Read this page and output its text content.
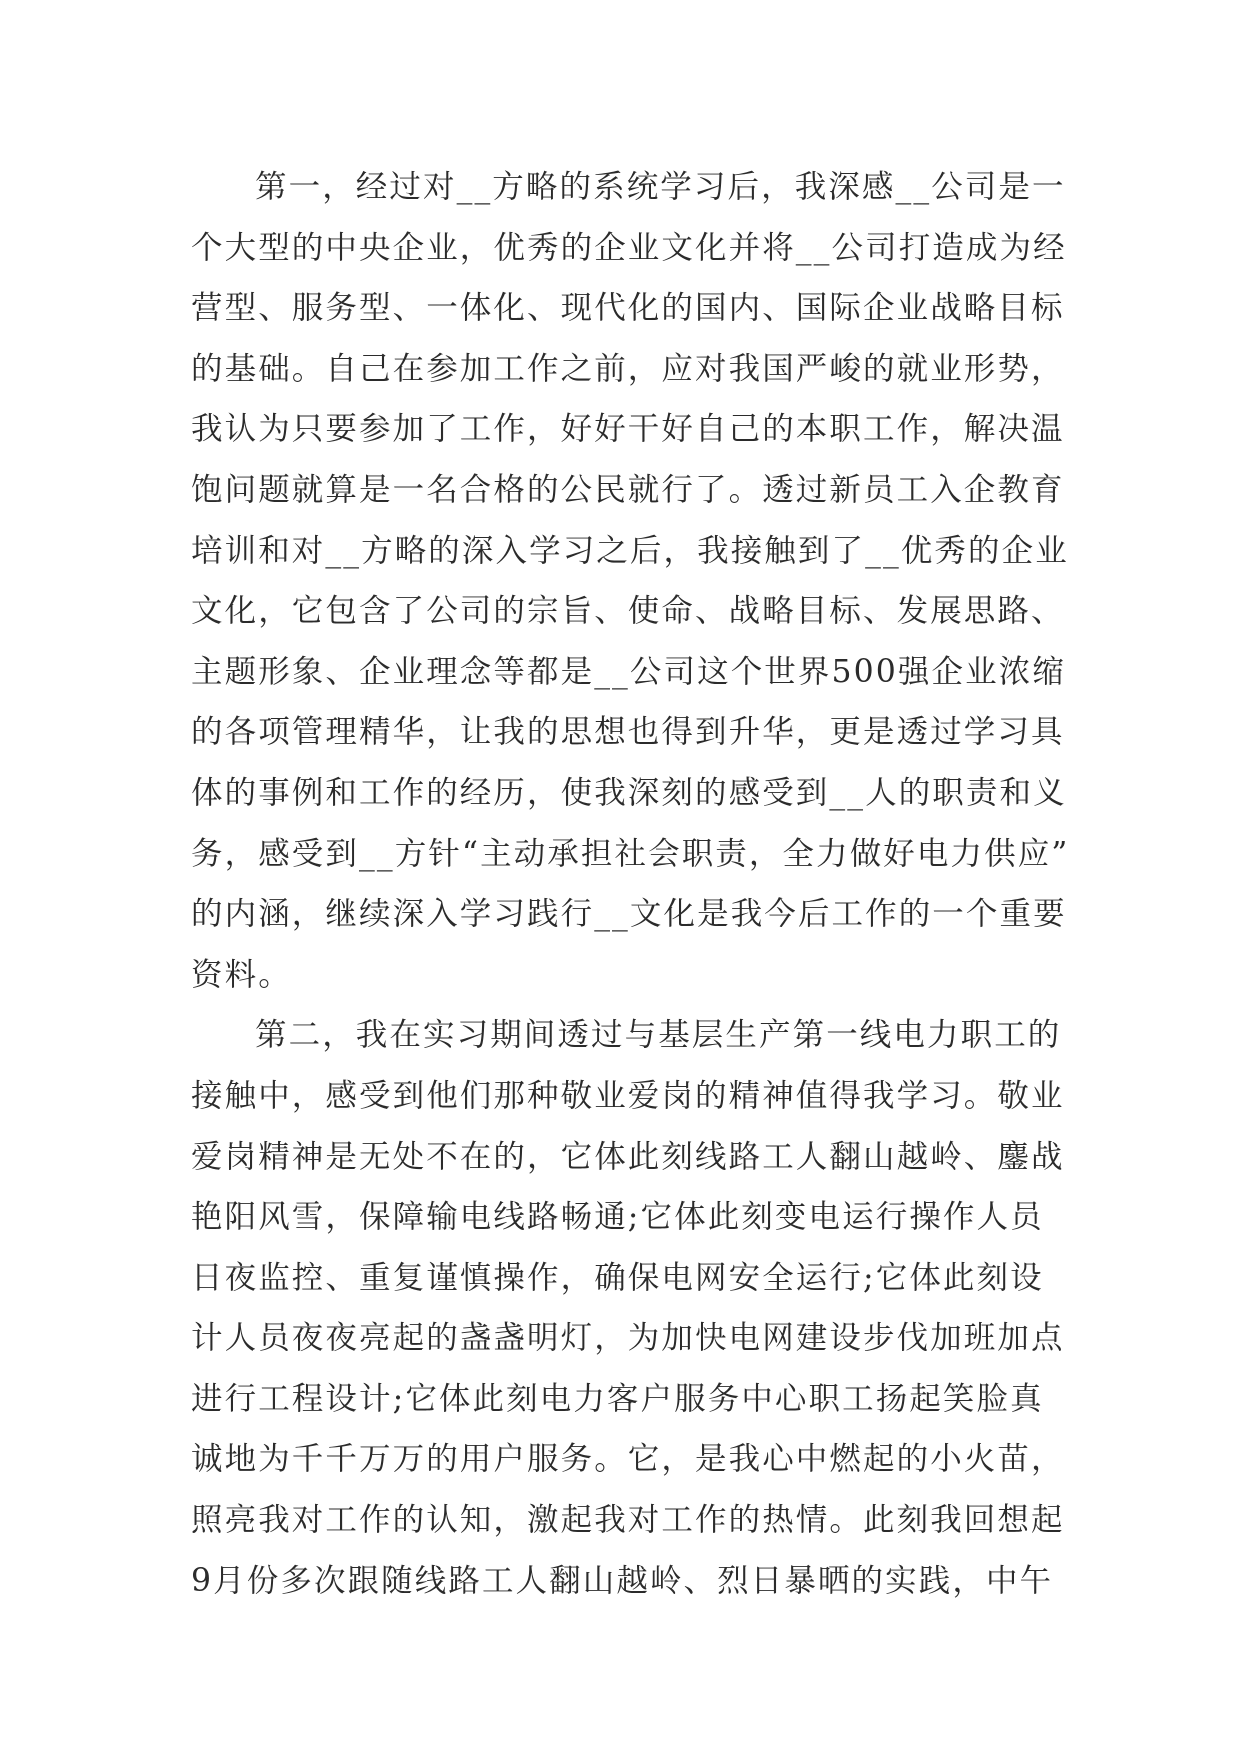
第一，经过对__方略的系统学习后，我深感__公司是一
个大型的中央企业，优秀的企业文化并将__公司打造成为经
营型、服务型、一体化、现代化的国内、国际企业战略目标
的基础。自己在参加工作之前，应对我国严峻的就业形势，
我认为只要参加了工作，好好干好自己的本职工作，解决温
饱问题就算是一名合格的公民就行了。透过新员工入企教育
培训和对__方略的深入学习之后，我接触到了__优秀的企业
文化，它包含了公司的宗旨、使命、战略目标、发展思路、
主题形象、企业理念等都是__公司这个世界500强企业浓缩
的各项管理精华，让我的思想也得到升华，更是透过学习具
体的事例和工作的经历，使我深刻的感受到__人的职责和义
务，感受到__方针“主动承担社会职责，全力做好电力供应”
的内涵，继续深入学习践行__文化是我今后工作的一个重要
资料。
第二，我在实习期间透过与基层生产第一线电力职工的
接触中，感受到他们那种敬业爱岗的精神值得我学习。敬业
爱岗精神是无处不在的，它体此刻线路工人翻山越岭、鏖战
艳阳风雪，保障输电线路畅通;它体此刻变电运行操作人员
日夜监控、重复谨慎操作，确保电网安全运行;它体此刻设
计人员夜夜亮起的盏盏明灯，为加快电网建设步伐加班加点
进行工程设计;它体此刻电力客户服务中心职工扬起笑脸真
诚地为千千万万的用户服务。它，是我心中燃起的小火苗，
照亮我对工作的认知，激起我对工作的热情。此刻我回想起
9月份多次跟随线路工人翻山越岭、烈日暴晒的实践，中午
